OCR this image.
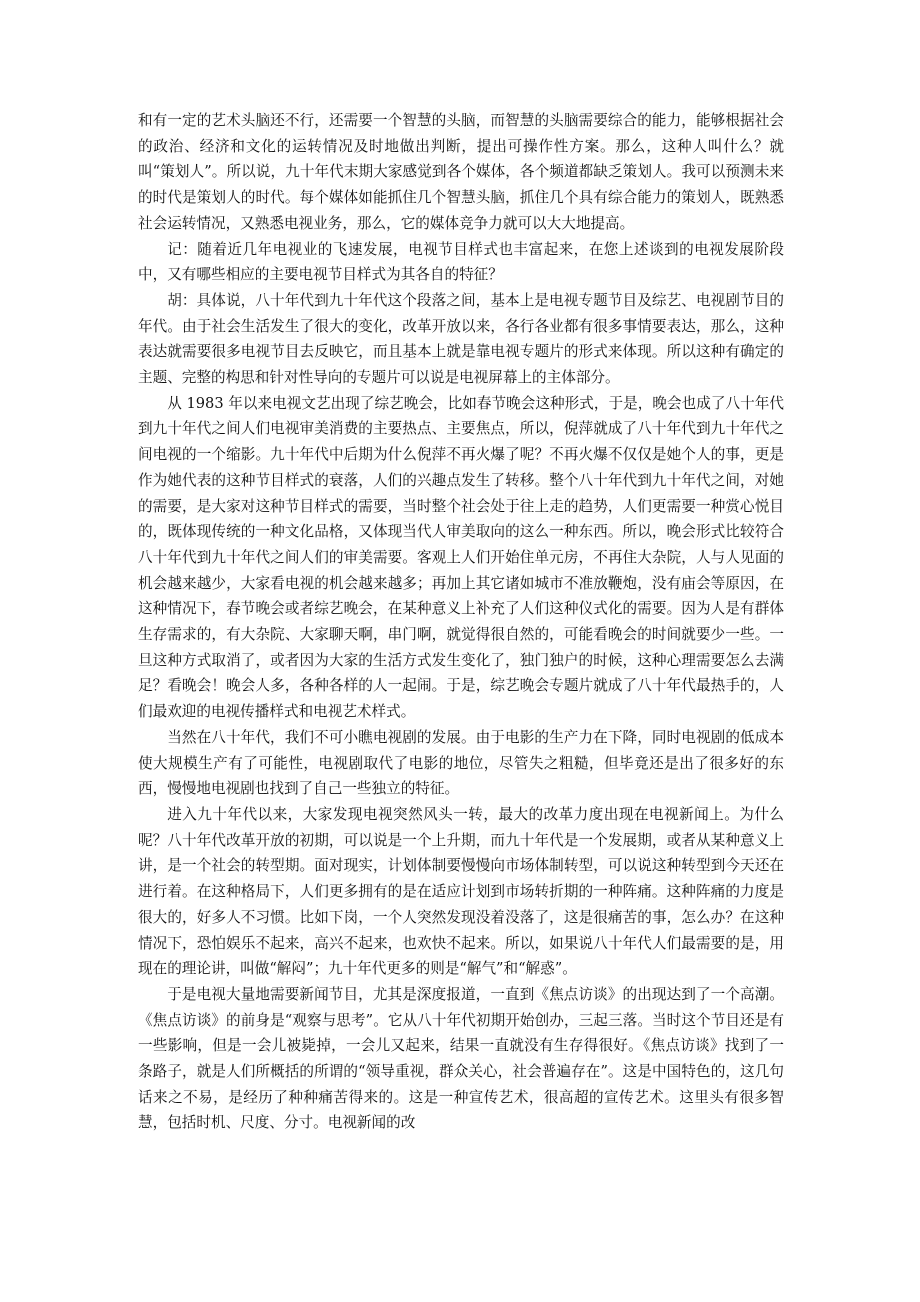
和有一定的艺术头脑还不行，还需要一个智慧的头脑，而智慧的头脑需要综合的能力，能够根据社会的政治、经济和文化的运转情况及时地做出判断，提出可操作性方案。那么，这种人叫什么？就叫“策划人”。所以说，九十年代末期大家感觉到各个媒体，各个频道都缺乏策划人。我可以预测未来的时代是策划人的时代。每个媒体如能抓住几个智慧头脑，抓住几个具有综合能力的策划人，既熟悉社会运转情况，又熟悉电视业务，那么，它的媒体竞争力就可以大大地提高。

记：随着近几年电视业的飞速发展，电视节目样式也丰富起来，在您上述谈到的电视发展阶段中，又有哪些相应的主要电视节目样式为其各自的特征？

胡：具体说，八十年代到九十年代这个段落之间，基本上是电视专题节目及综艺、电视剧节目的年代。由于社会生活发生了很大的变化，改革开放以来，各行各业都有很多事情要表达，那么，这种表达就需要很多电视节目去反映它，而且基本上就是靠电视专题片的形式来体现。所以这种有确定的主题、完整的构思和针对性导向的专题片可以说是电视屏幕上的主体部分。

从 1983 年以来电视文艺出现了综艺晚会，比如春节晚会这种形式，于是，晚会也成了八十年代到九十年代之间人们电视审美消费的主要热点、主要焦点，所以，倪萍就成了八十年代到九十年代之间电视的一个缩影。九十年代中后期为什么倪萍不再火爆了呢？不再火爆不仅仅是她个人的事，更是作为她代表的这种节目样式的衰落，人们的兴趣点发生了转移。整个八十年代到九十年代之间，对她的需要，是大家对这种节目样式的需要，当时整个社会处于往上走的趋势，人们更需要一种赏心悦目的，既体现传统的一种文化品格，又体现当代人审美取向的这么一种东西。所以，晚会形式比较符合八十年代到九十年代之间人们的审美需要。客观上人们开始住单元房，不再住大杂院，人与人见面的机会越来越少，大家看电视的机会越来越多；再加上其它诸如城市不准放鞭炮，没有庙会等原因，在这种情况下，春节晚会或者综艺晚会，在某种意义上补充了人们这种仪式化的需要。因为人是有群体生存需求的，有大杂院、大家聊天啊，串门啊，就觉得很自然的，可能看晚会的时间就要少一些。一旦这种方式取消了，或者因为大家的生活方式发生变化了，独门独户的时候，这种心理需要怎么去满足？看晚会！晚会人多，各种各样的人一起闹。于是，综艺晚会专题片就成了八十年代最热手的，人们最欢迎的电视传播样式和电视艺术样式。

当然在八十年代，我们不可小瞧电视剧的发展。由于电影的生产力在下降，同时电视剧的低成本使大规模生产有了可能性，电视剧取代了电影的地位，尽管失之粗糙，但毕竟还是出了很多好的东西，慢慢地电视剧也找到了自己一些独立的特征。

进入九十年代以来，大家发现电视突然风头一转，最大的改革力度出现在电视新闻上。为什么呢？八十年代改革开放的初期，可以说是一个上升期，而九十年代是一个发展期，或者从某种意义上讲，是一个社会的转型期。面对现实，计划体制要慢慢向市场体制转型，可以说这种转型到今天还在进行着。在这种格局下，人们更多拥有的是在适应计划到市场转折期的一种阵痛。这种阵痛的力度是很大的，好多人不习惯。比如下岗，一个人突然发现没着没落了，这是很痛苦的事，怎么办？在这种情况下，恐怕娱乐不起来，高兴不起来，也欢快不起来。所以，如果说八十年代人们最需要的是，用现在的理论讲，叫做“解闷”；九十年代更多的则是“解气”和“解惑”。

于是电视大量地需要新闻节目，尤其是深度报道，一直到《焦点访谈》的出现达到了一个高潮。《焦点访谈》的前身是“观察与思考”。它从八十年代初期开始创办，三起三落。当时这个节目还是有一些影响，但是一会儿被毙掉，一会儿又起来，结果一直就没有生存得很好。《焦点访谈》找到了一条路子，就是人们所概括的所谓的“领导重视，群众关心，社会普遍存在”。这是中国特色的，这几句话来之不易，是经历了种种痛苦得来的。这是一种宣传艺术，很高超的宣传艺术。这里头有很多智慧，包括时机、尺度、分寸。电视新闻的改
